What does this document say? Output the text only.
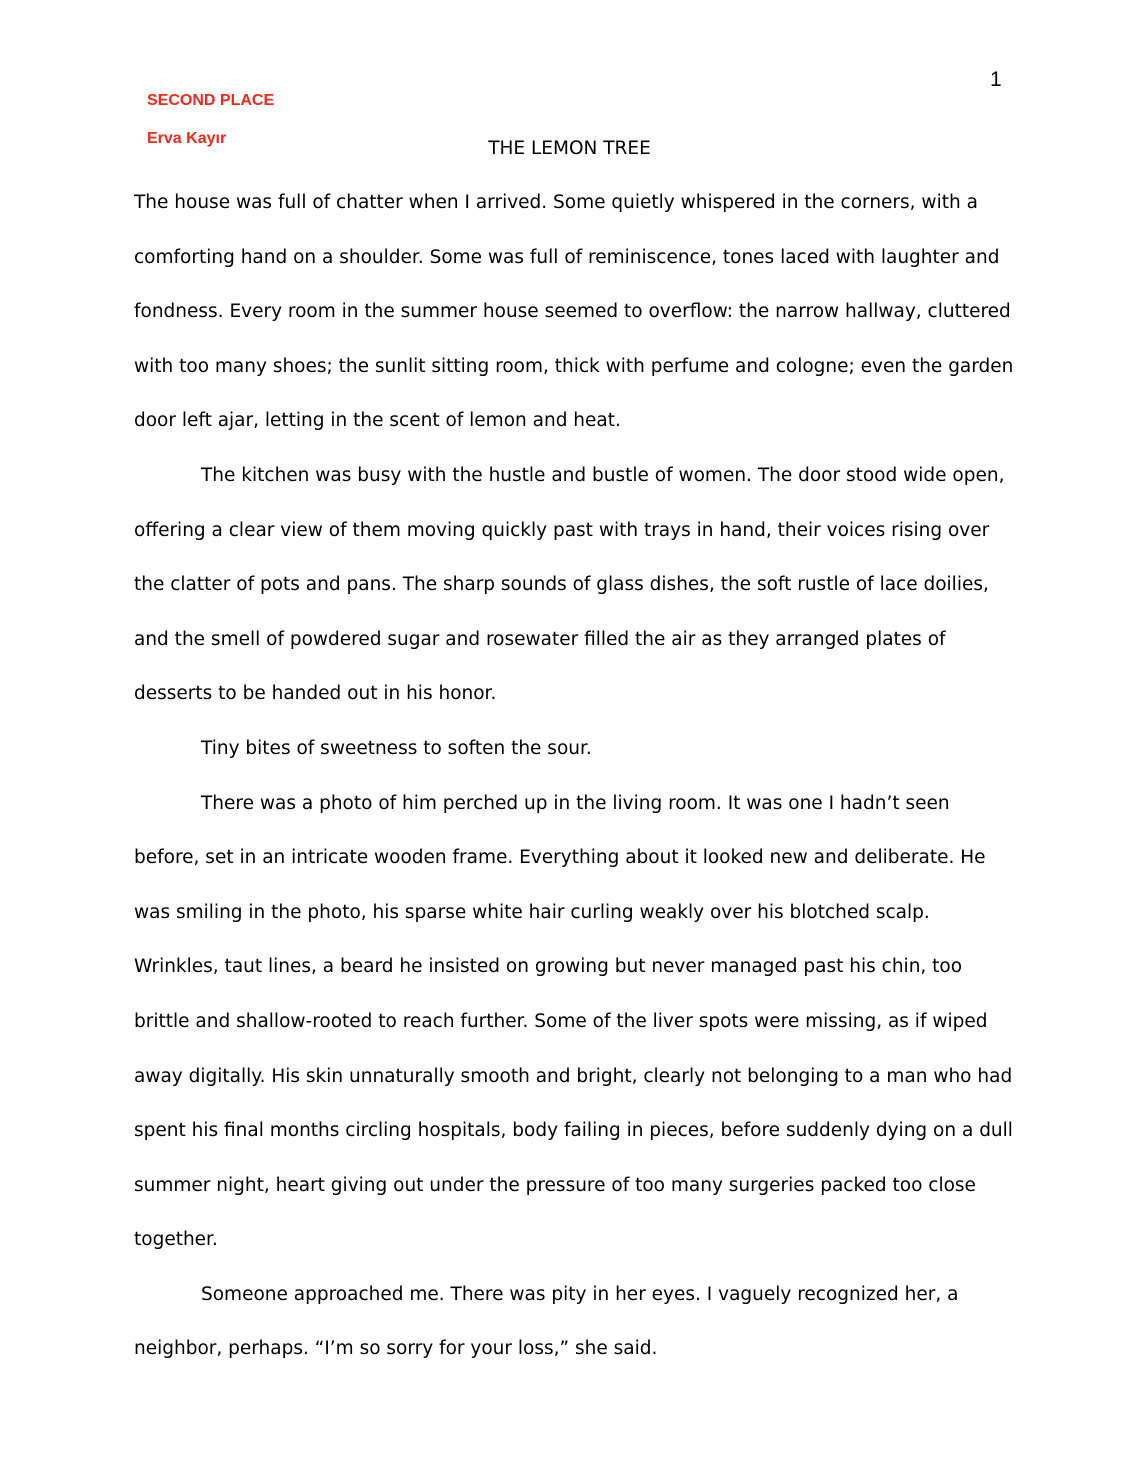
1
SECOND PLACE
Erva Kayır	THE LEMON TREE

The house was full of chatter when I arrived. Some quietly whispered in the corners, with a comforting hand on a shoulder. Some was full of reminiscence, tones laced with laughter and fondness. Every room in the summer house seemed to overflow: the narrow hallway, cluttered with too many shoes; the sunlit sitting room, thick with perfume and cologne; even the garden door left ajar, letting in the scent of lemon and heat.

The kitchen was busy with the hustle and bustle of women. The door stood wide open, offering a clear view of them moving quickly past with trays in hand, their voices rising over the clatter of pots and pans. The sharp sounds of glass dishes, the soft rustle of lace doilies, and the smell of powdered sugar and rosewater filled the air as they arranged plates of desserts to be handed out in his honor.

Tiny bites of sweetness to soften the sour.

There was a photo of him perched up in the living room. It was one I hadn’t seen before, set in an intricate wooden frame. Everything about it looked new and deliberate. He was smiling in the photo, his sparse white hair curling weakly over his blotched scalp. Wrinkles, taut lines, a beard he insisted on growing but never managed past his chin, too brittle and shallow-rooted to reach further. Some of the liver spots were missing, as if wiped away digitally. His skin unnaturally smooth and bright, clearly not belonging to a man who had spent his final months circling hospitals, body failing in pieces, before suddenly dying on a dull summer night, heart giving out under the pressure of too many surgeries packed too close together.

Someone approached me. There was pity in her eyes. I vaguely recognized her, a neighbor, perhaps. “I’m so sorry for your loss,” she said.
